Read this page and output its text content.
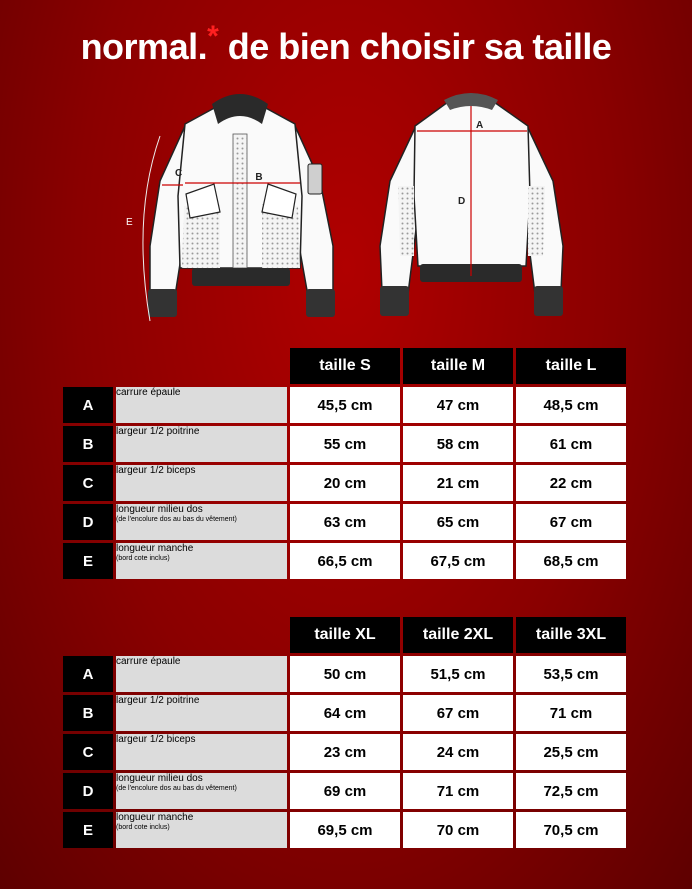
normal.* de bien choisir sa taille
B
C
E
A
D
		taille S	taille M	taille L
A	carrure épaule	45,5 cm	47 cm	48,5 cm
B	largeur 1/2 poitrine	55 cm	58 cm	61 cm
C	largeur 1/2 biceps	20 cm	21 cm	22 cm
D	longueur milieu dos
(de l'encolure dos au bas du vêtement)	63 cm	65 cm	67 cm
E	longueur manche
(bord cote inclus)	66,5 cm	67,5 cm	68,5 cm
		taille XL	taille 2XL	taille 3XL
A	carrure épaule	50 cm	51,5 cm	53,5 cm
B	largeur 1/2 poitrine	64 cm	67 cm	71 cm
C	largeur 1/2 biceps	23 cm	24 cm	25,5 cm
D	longueur milieu dos
(de l'encolure dos au bas du vêtement)	69 cm	71 cm	72,5 cm
E	longueur manche
(bord cote inclus)	69,5 cm	70 cm	70,5 cm
